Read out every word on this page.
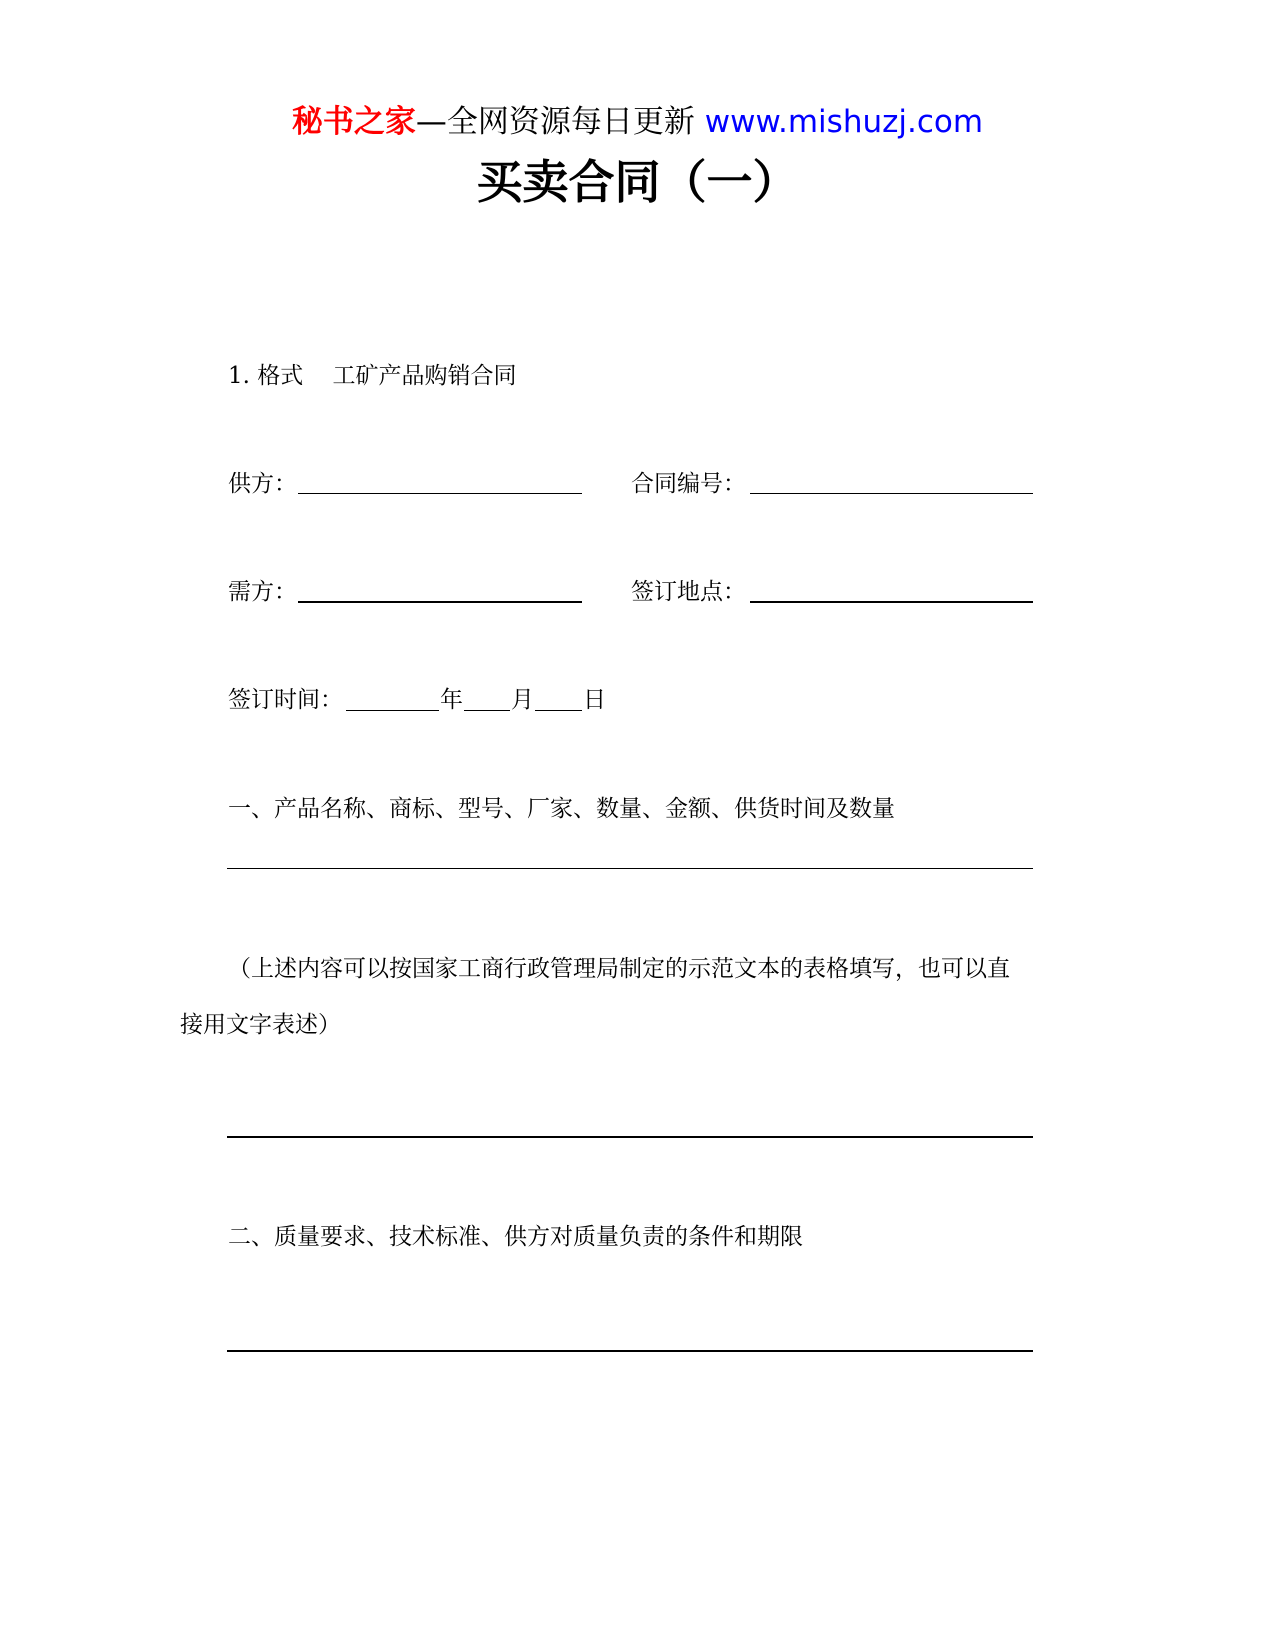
秘书之家—全网资源每日更新 www.mishuzj.com
买卖合同（一）
1. 格式 工矿产品购销合同
供方：	合同编号：
需方：	签订地点：
签订时间：	年 月 日
一、产品名称、商标、型号、厂家、数量、金额、供货时间及数量
（上述内容可以按国家工商行政管理局制定的示范文本的表格填写，也可以直
接用文字表述）
二、质量要求、技术标准、供方对质量负责的条件和期限
